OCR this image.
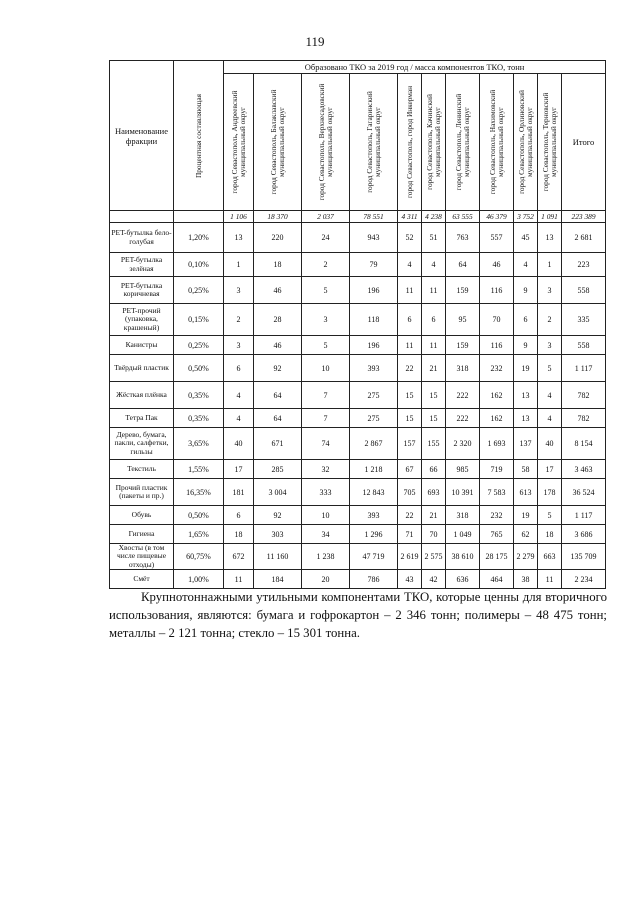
119
Наименование фракции	Процентная составляющая	Образовано ТКО за 2019 год / масса компонентов ТКО, тонн										

		город Севастополь, Андреевский муниципальный округ	город Севастополь, Балаклавский муниципальный округ	город Севастополь, Верхнесадовский муниципальный округ	город Севастополь, Гагаринский муниципальный округ	город Севастополь, город Инкерман	город Севастополь, Качинский муниципальный округ	город Севастополь, Ленинский муниципальный округ	город Севастополь, Нахимовский муниципальный округ	город Севастополь, Орлиновский муниципальный округ	город Севастополь, Терновский муниципальный округ	Итого
		1 106	18 370	2 037	78 551	4 311	4 238	63 555	46 379	3 752	1 091	223 389
PET-бутылка бело-голубая	1,20%	13	220	24	943	52	51	763	557	45	13	2 681
PET-бутылка зелёная	0,10%	1	18	2	79	4	4	64	46	4	1	223
PET-бутылка коричневая	0,25%	3	46	5	196	11	11	159	116	9	3	558
PET-прочий (упаковка, крашеный)	0,15%	2	28	3	118	6	6	95	70	6	2	335
Канистры	0,25%	3	46	5	196	11	11	159	116	9	3	558
Твёрдый пластик	0,50%	6	92	10	393	22	21	318	232	19	5	1 117
Жёсткая плёнка	0,35%	4	64	7	275	15	15	222	162	13	4	782
Тетра Пак	0,35%	4	64	7	275	15	15	222	162	13	4	782
Дерево, бумага, пакли, салфетки, гильзы	3,65%	40	671	74	2 867	157	155	2 320	1 693	137	40	8 154
Текстиль	1,55%	17	285	32	1 218	67	66	985	719	58	17	3 463
Прочий пластик (пакеты и пр.)	16,35%	181	3 004	333	12 843	705	693	10 391	7 583	613	178	36 524
Обувь	0,50%	6	92	10	393	22	21	318	232	19	5	1 117
Гигиена	1,65%	18	303	34	1 296	71	70	1 049	765	62	18	3 686
Хвосты (в том числе пищевые отходы)	60,75%	672	11 160	1 238	47 719	2 619	2 575	38 610	28 175	2 279	663	135 709
Смёт	1,00%	11	184	20	786	43	42	636	464	38	11	2 234

Крупнотоннажными утильными компонентами ТКО, которые ценны для вторичного использования, являются: бумага и гофрокартон – 2 346 тонн; полимеры – 48 475 тонн; металлы – 2 121 тонна; стекло – 15 301 тонна.
